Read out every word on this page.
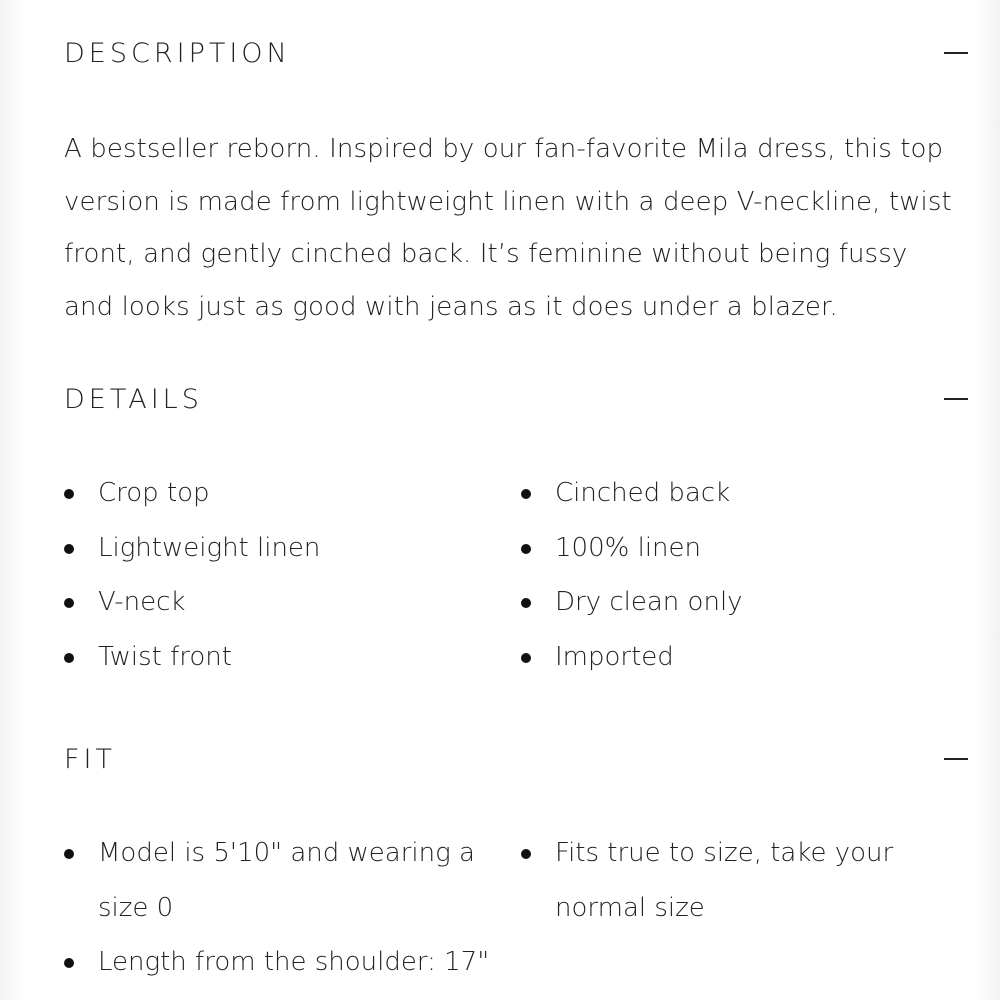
DESCRIPTION

A bestseller reborn. Inspired by our fan-favorite Mila dress, this top version is made from lightweight linen with a deep V-neckline, twist front, and gently cinched back. It’s feminine without being fussy and looks just as good with jeans as it does under a blazer.

DETAILS
Crop top
Lightweight linen
V-neck
Twist front
Cinched back
100% linen
Dry clean only
Imported
FIT
Model is 5'10" and wearing a size 0
Length from the shoulder: 17"
Fits true to size, take your normal size
